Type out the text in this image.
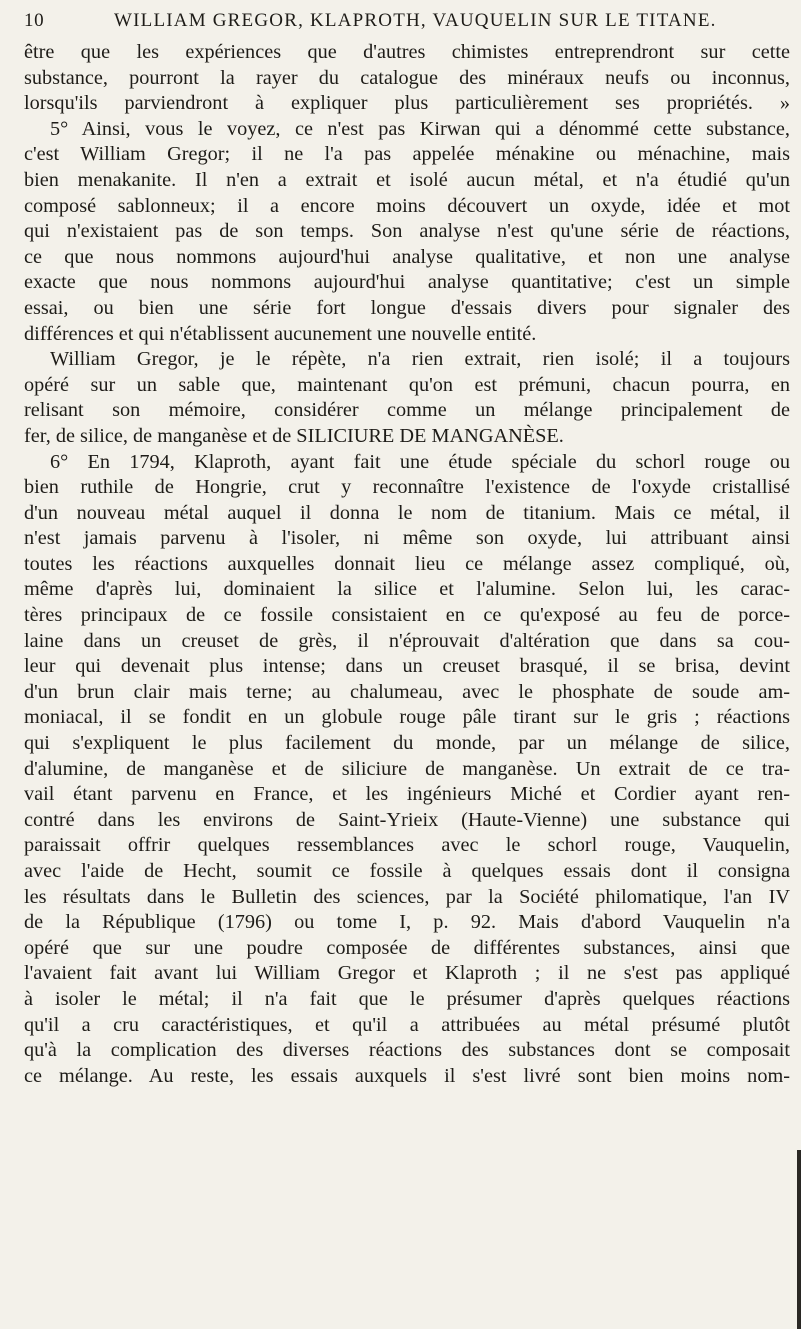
10	WILLIAM GREGOR, KLAPROTH, VAUQUELIN SUR LE TITANE.
être que les expériences que d'autres chimistes entreprendront sur cette
substance, pourront la rayer du catalogue des minéraux neufs ou inconnus,
lorsqu'ils parviendront à expliquer plus particulièrement ses propriétés. »
5° Ainsi, vous le voyez, ce n'est pas Kirwan qui a dénommé cette substance,
c'est William Gregor; il ne l'a pas appelée ménakine ou ménachine, mais
bien menakanite. Il n'en a extrait et isolé aucun métal, et n'a étudié qu'un
composé sablonneux; il a encore moins découvert un oxyde, idée et mot
qui n'existaient pas de son temps. Son analyse n'est qu'une série de réactions,
ce que nous nommons aujourd'hui analyse qualitative, et non une analyse
exacte que nous nommons aujourd'hui analyse quantitative; c'est un simple
essai, ou bien une série fort longue d'essais divers pour signaler des
différences et qui n'établissent aucunement une nouvelle entité.
William Gregor, je le répète, n'a rien extrait, rien isolé; il a toujours
opéré sur un sable que, maintenant qu'on est prémuni, chacun pourra, en
relisant son mémoire, considérer comme un mélange principalement de
fer, de silice, de manganèse et de SILICIURE DE MANGANÈSE.
6° En 1794, Klaproth, ayant fait une étude spéciale du schorl rouge ou
bien ruthile de Hongrie, crut y reconnaître l'existence de l'oxyde cristallisé
d'un nouveau métal auquel il donna le nom de titanium. Mais ce métal, il
n'est jamais parvenu à l'isoler, ni même son oxyde, lui attribuant ainsi
toutes les réactions auxquelles donnait lieu ce mélange assez compliqué, où,
même d'après lui, dominaient la silice et l'alumine. Selon lui, les carac-
tères principaux de ce fossile consistaient en ce qu'exposé au feu de porce-
laine dans un creuset de grès, il n'éprouvait d'altération que dans sa cou-
leur qui devenait plus intense; dans un creuset brasqué, il se brisa, devint
d'un brun clair mais terne; au chalumeau, avec le phosphate de soude am-
moniacal, il se fondit en un globule rouge pâle tirant sur le gris ; réactions
qui s'expliquent le plus facilement du monde, par un mélange de silice,
d'alumine, de manganèse et de siliciure de manganèse. Un extrait de ce tra-
vail étant parvenu en France, et les ingénieurs Miché et Cordier ayant ren-
contré dans les environs de Saint-Yrieix (Haute-Vienne) une substance qui
paraissait offrir quelques ressemblances avec le schorl rouge, Vauquelin,
avec l'aide de Hecht, soumit ce fossile à quelques essais dont il consigna
les résultats dans le Bulletin des sciences, par la Société philomatique, l'an IV
de la République (1796) ou tome I, p. 92. Mais d'abord Vauquelin n'a
opéré que sur une poudre composée de différentes substances, ainsi que
l'avaient fait avant lui William Gregor et Klaproth ; il ne s'est pas appliqué
à isoler le métal; il n'a fait que le présumer d'après quelques réactions
qu'il a cru caractéristiques, et qu'il a attribuées au métal présumé plutôt
qu'à la complication des diverses réactions des substances dont se composait
ce mélange. Au reste, les essais auxquels il s'est livré sont bien moins nom-
